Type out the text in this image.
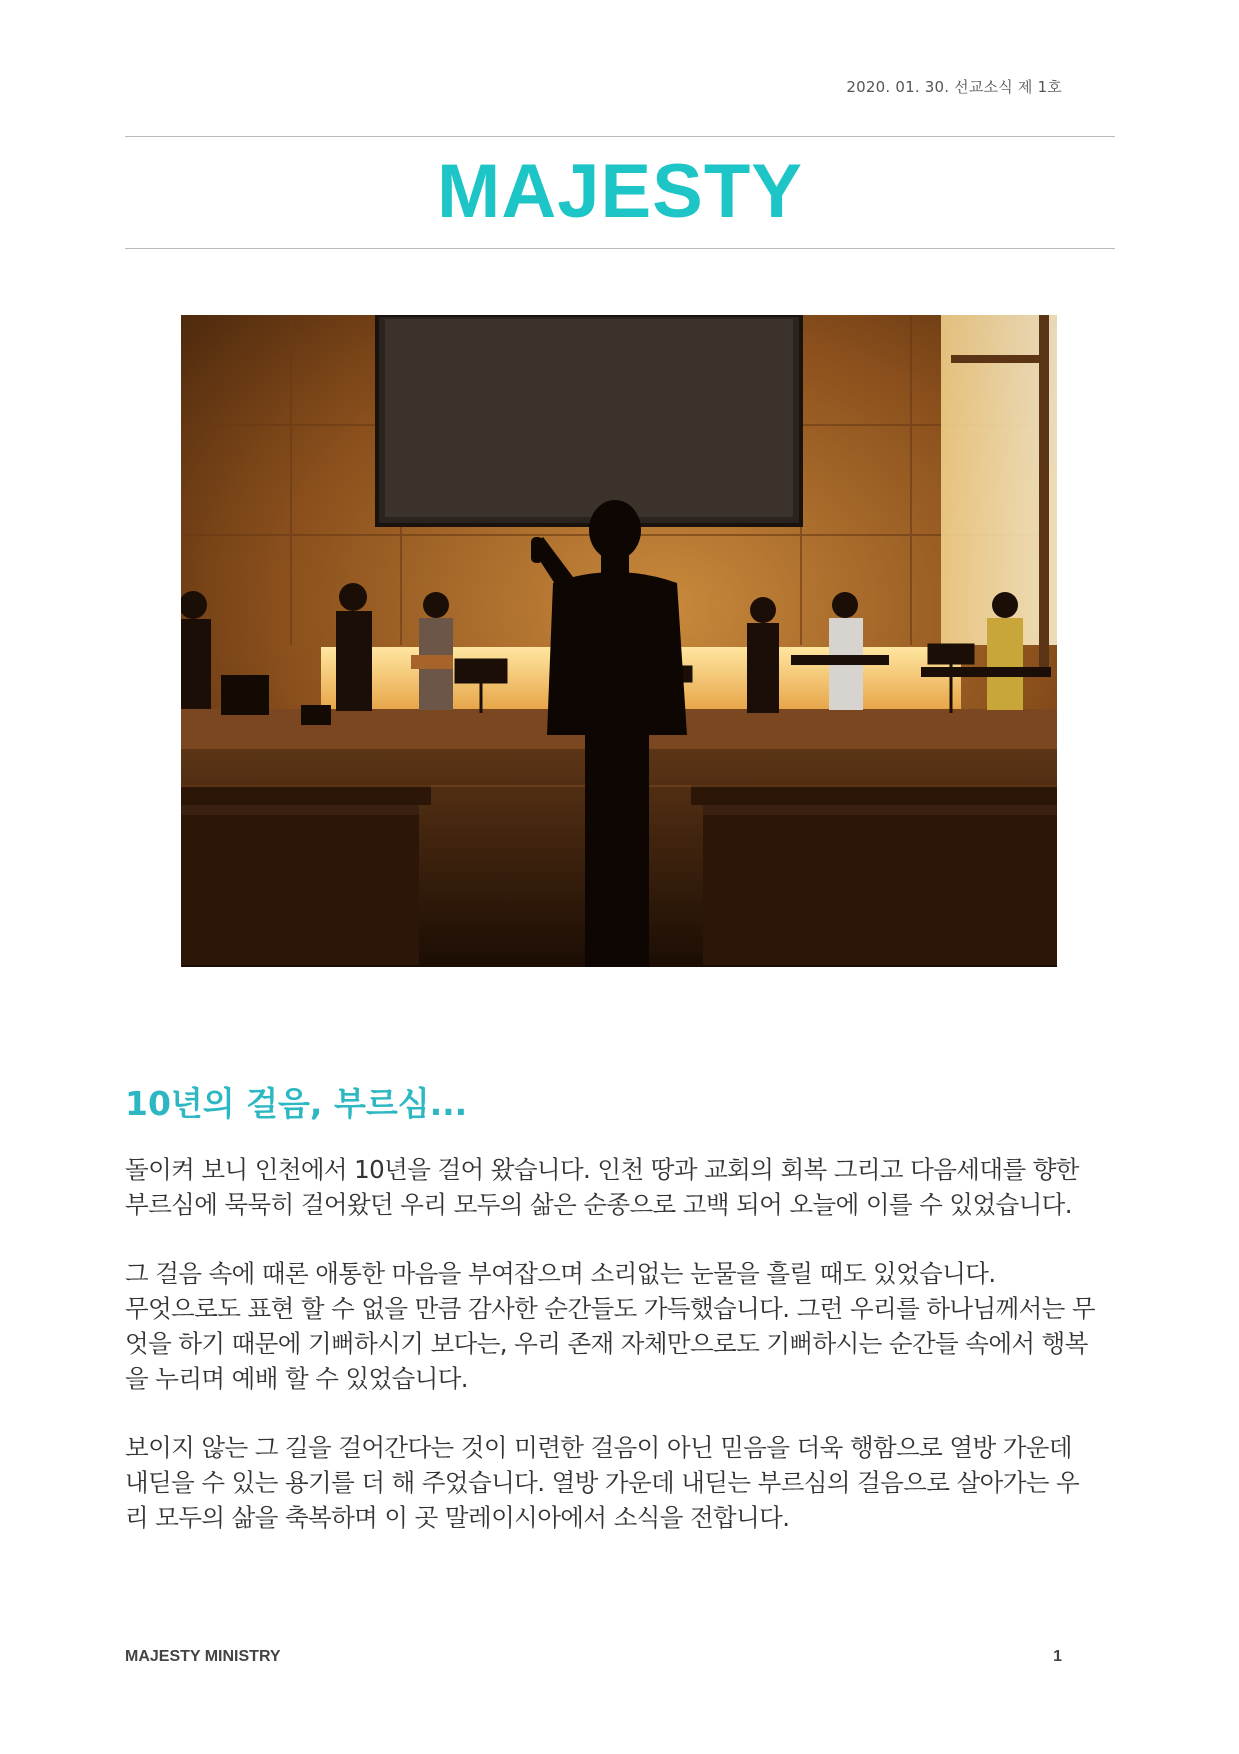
2020. 01. 30. 선교소식 제 1호
MAJESTY
10년의 걸음, 부르심...
돌이켜 보니 인천에서 10년을 걸어 왔습니다. 인천 땅과 교회의 회복 그리고 다음세대를 향한
부르심에 묵묵히 걸어왔던 우리 모두의 삶은 순종으로 고백 되어 오늘에 이를 수 있었습니다.
그 걸음 속에 때론 애통한 마음을 부여잡으며 소리없는 눈물을 흘릴 때도 있었습니다.
무엇으로도 표현 할 수 없을 만큼 감사한 순간들도 가득했습니다. 그런 우리를 하나님께서는 무
엇을 하기 때문에 기뻐하시기 보다는, 우리 존재 자체만으로도 기뻐하시는 순간들 속에서 행복
을 누리며 예배 할 수 있었습니다.
보이지 않는 그 길을 걸어간다는 것이 미련한 걸음이 아닌 믿음을 더욱 행함으로 열방 가운데
내딛을 수 있는 용기를 더 해 주었습니다. 열방 가운데 내딛는 부르심의 걸음으로 살아가는 우
리 모두의 삶을 축복하며 이 곳 말레이시아에서 소식을 전합니다.
MAJESTY MINISTRY	1
